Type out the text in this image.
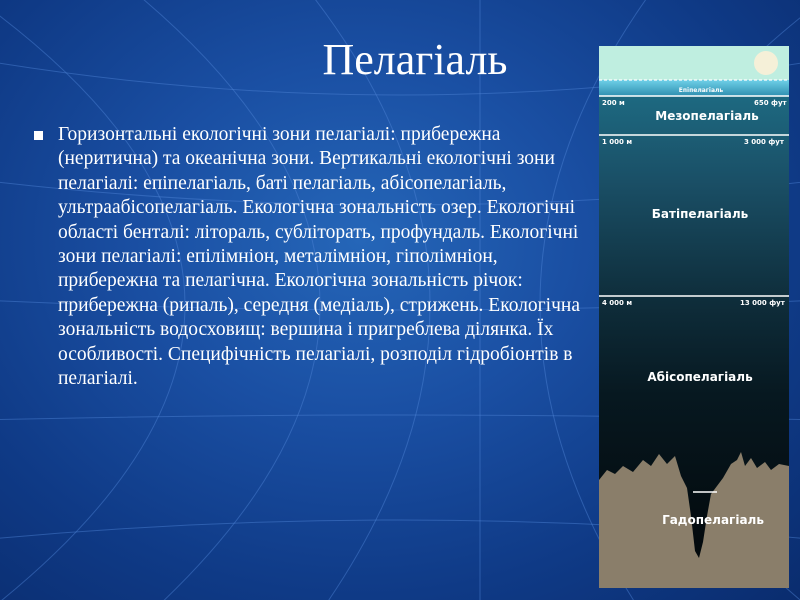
Пелагіаль
Горизонтальні екологічні зони пелагіалі: прибережна (неритична) та океанічна зони. Вертикальні екологічні зони пелагіалі: епіпелагіаль, баті пелагіаль, абісопелагіаль, ультраабісопелагіаль. Екологічна зональність озер. Екологічні області бенталі: літораль, субліторать, профундаль. Екологічні зони пелагіалі: епілімніон, металімніон, гіполімніон, прибережна та пелагічна. Екологічна зональність річок: прибережна (рипаль), середня (медіаль), стрижень. Екологічна зональність водосховищ: вершина і пригреблева ділянка. Їх особливості. Специфічність пелагіалі, розподіл гідробіонтів в пелагіалі.
Епіпелагіаль
Мезопелагіаль
Батіпелагіаль
Абісопелагіаль
Гадопелагіаль
200 м	650 фут
1 000 м	3 000 фут
4 000 м	13 000 фут
